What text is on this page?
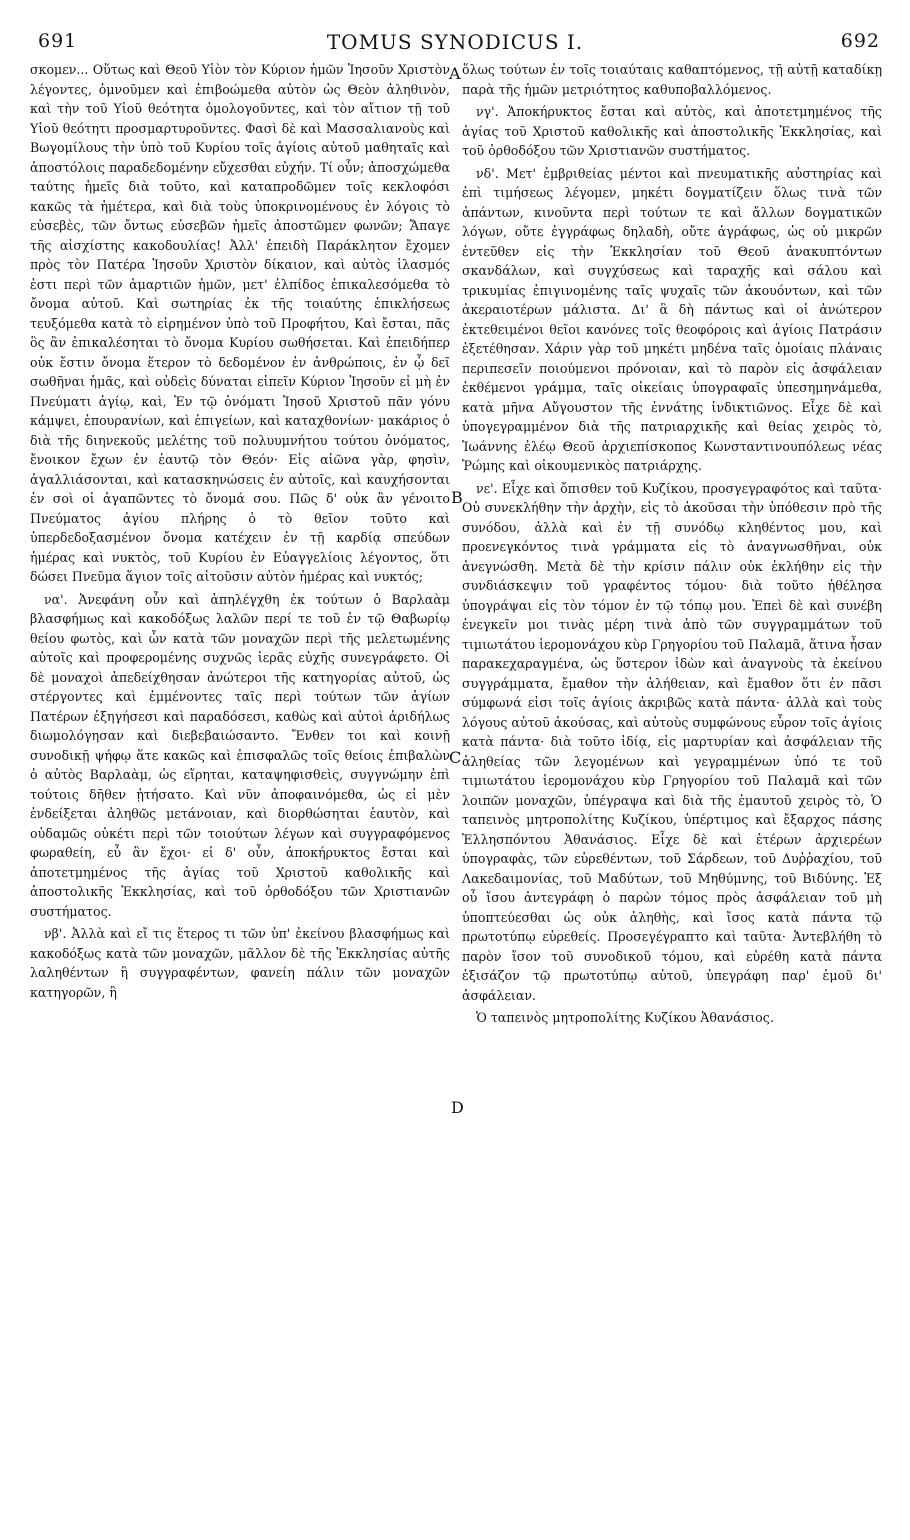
691	TOMUS SYNODICUS I.	692

σκομεν... Οὕτως καὶ Θεοῦ Υἱὸν τὸν Κύριον ἡμῶν Ἰησοῦν Χριστὸν λέγοντες, ὁμνοῦμεν καὶ ἐπιβοώμεθα αὐτὸν ὡς Θεὸν ἀληθινὸν, καὶ τὴν τοῦ Υἱοῦ θεότητα ὁμολογοῦντες, καὶ τὸν αἴτιον τῇ τοῦ Υἱοῦ θεότητι προσμαρτυροῦντες. Φασὶ δὲ καὶ Μασσαλιανοὺς καὶ Βωγομίλους τὴν ὑπὸ τοῦ Κυρίου τοῖς ἁγίοις αὐτοῦ μαθηταῖς καὶ ἀποστόλοις παραδεδομένην εὔχεσθαι εὐχήν. Τί οὖν; ἀποσχώμεθα ταύτης ἡμεῖς διὰ τοῦτο, καὶ καταπροδῶμεν τοῖς κεκλοφόσι κακῶς τὰ ἡμέτερα, καὶ διὰ τοὺς ὑποκρινομένους ἐν λόγοις τὸ εὐσεβὲς, τῶν ὄντως εὐσεβῶν ἡμεῖς ἀποστῶμεν φωνῶν; Ἄπαγε τῆς αἰσχίστης κακοδουλίας! Ἀλλ' ἐπειδὴ Παράκλητον ἔχομεν πρὸς τὸν Πατέρα Ἰησοῦν Χριστὸν δίκαιον, καὶ αὐτὸς ἱλασμός ἐστι περὶ τῶν ἁμαρτιῶν ἡμῶν, μετ' ἐλπίδος ἐπικαλεσόμεθα τὸ ὄνομα αὐτοῦ. Καὶ σωτηρίας ἐκ τῆς τοιαύτης ἐπικλήσεως τευξόμεθα κατὰ τὸ εἰρημένον ὑπὸ τοῦ Προφήτου, Καὶ ἔσται, πᾶς ὃς ἂν ἐπικαλέσηται τὸ ὄνομα Κυρίου σωθήσεται. Καὶ ἐπειδήπερ οὐκ ἔστιν ὄνομα ἕτερον τὸ δεδομένον ἐν ἀνθρώποις, ἐν ᾧ δεῖ σωθῆναι ἡμᾶς, καὶ οὐδεὶς δύναται εἰπεῖν Κύριον Ἰησοῦν εἰ μὴ ἐν Πνεύματι ἁγίῳ, καὶ, Ἐν τῷ ὀνόματι Ἰησοῦ Χριστοῦ πᾶν γόνυ κάμψει, ἐπουρανίων, καὶ ἐπιγείων, καὶ καταχθονίων· μακάριος ὁ διὰ τῆς διηνεκοῦς μελέτης τοῦ πολυυμνήτου τούτου ὀνόματος, ἔνοικον ἔχων ἐν ἑαυτῷ τὸν Θεόν· Εἰς αἰῶνα γὰρ, φησὶν, ἀγαλλιάσονται, καὶ κατασκηνώσεις ἐν αὐτοῖς, καὶ καυχήσονται ἐν σοὶ οἱ ἀγαπῶντες τὸ ὄνομά σου. Πῶς δ' οὐκ ἂν γένοιτο Πνεύματος ἁγίου πλήρης ὁ τὸ θεῖον τοῦτο καὶ ὑπερδεδοξασμένον ὄνομα κατέχειν ἐν τῇ καρδίᾳ σπεύδων ἡμέρας καὶ νυκτὸς, τοῦ Κυρίου ἐν Εὐαγγελίοις λέγοντος, ὅτι δώσει Πνεῦμα ἅγιον τοῖς αἰτοῦσιν αὐτὸν ἡμέρας καὶ νυκτός;

να'. Ἀνεφάνη οὖν καὶ ἀπηλέγχθη ἐκ τούτων ὁ Βαρλαὰμ βλασφήμως καὶ κακοδόξως λαλῶν περί τε τοῦ ἐν τῷ Θαβωρίῳ θείου φωτὸς, καὶ ὧν κατὰ τῶν μοναχῶν περὶ τῆς μελετωμένης αὐτοῖς καὶ προφερομένης συχνῶς ἱερᾶς εὐχῆς συνεγράφετο. Οἱ δὲ μοναχοὶ ἀπεδείχθησαν ἀνώτεροι τῆς κατηγορίας αὐτοῦ, ὡς στέργοντες καὶ ἐμμένοντες ταῖς περὶ τούτων τῶν ἁγίων Πατέρων ἐξηγήσεσι καὶ παραδόσεσι, καθὼς καὶ αὐτοὶ ἀριδήλως διωμολόγησαν καὶ διεβεβαιώσαντο. Ἔνθεν τοι καὶ κοινῇ συνοδικῇ ψήφῳ ἅτε κακῶς καὶ ἐπισφαλῶς τοῖς θείοις ἐπιβαλὼν ὁ αὐτὸς Βαρλαὰμ, ὡς εἴρηται, καταψηφισθεὶς, συγγνώμην ἐπὶ τούτοις δῆθεν ᾐτήσατο. Καὶ νῦν ἀποφαινόμεθα, ὡς εἰ μὲν ἐνδείξεται ἀληθῶς μετάνοιαν, καὶ διορθώσηται ἑαυτὸν, καὶ οὐδαμῶς οὐκέτι περὶ τῶν τοιούτων λέγων καὶ συγγραφόμενος φωραθείη, εὖ ἂν ἔχοι· εἰ δ' οὖν, ἀποκήρυκτος ἔσται καὶ ἀποτετμημένος τῆς ἁγίας τοῦ Χριστοῦ καθολικῆς καὶ ἀποστολικῆς Ἐκκλησίας, καὶ τοῦ ὀρθοδόξου τῶν Χριστιανῶν συστήματος.

νβ'. Ἀλλὰ καὶ εἴ τις ἕτερος τι τῶν ὑπ' ἐκείνου βλασφήμως καὶ κακοδόξως κατὰ τῶν μοναχῶν, μᾶλλον δὲ τῆς Ἐκκλησίας αὐτῆς λαληθέντων ἢ συγγραφέντων, φανείη πάλιν τῶν μοναχῶν κατηγορῶν, ἢ

A
B
C
D

ὅλως τούτων ἐν τοῖς τοιαύταις καθαπτόμενος, τῇ αὐτῇ καταδίκῃ παρὰ τῆς ἡμῶν μετριότητος καθυποβαλλόμενος.

νγ'. Ἀποκήρυκτος ἔσται καὶ αὐτὸς, καὶ ἀποτετμημένος τῆς ἁγίας τοῦ Χριστοῦ καθολικῆς καὶ ἀποστολικῆς Ἐκκλησίας, καὶ τοῦ ὀρθοδόξου τῶν Χριστιανῶν συστήματος.

νδ'. Μετ' ἐμβριθείας μέντοι καὶ πνευματικῆς αὐστηρίας καὶ ἐπὶ τιμήσεως λέγομεν, μηκέτι δογματίζειν ὅλως τινὰ τῶν ἁπάντων, κινοῦντα περὶ τούτων τε καὶ ἄλλων δογματικῶν λόγων, οὔτε ἐγγράφως δηλαδὴ, οὔτε ἀγράφως, ὡς οὐ μικρῶν ἐντεῦθεν εἰς τὴν Ἐκκλησίαν τοῦ Θεοῦ ἀνακυπτόντων σκανδάλων, καὶ συγχύσεως καὶ ταραχῆς καὶ σάλου καὶ τρικυμίας ἐπιγινομένης ταῖς ψυχαῖς τῶν ἀκουόντων, καὶ τῶν ἀκεραιοτέρων μάλιστα. Δι' ἃ δὴ πάντως καὶ οἱ ἀνώτερον ἐκτεθειμένοι θεῖοι κανόνες τοῖς θεοφόροις καὶ ἁγίοις Πατράσιν ἐξετέθησαν. Χάριν γὰρ τοῦ μηκέτι μηδένα ταῖς ὁμοίαις πλάναις περιπεσεῖν ποιούμενοι πρόνοιαν, καὶ τὸ παρὸν εἰς ἀσφάλειαν ἐκθέμενοι γράμμα, ταῖς οἰκείαις ὑπογραφαῖς ὑπεσημηνάμεθα, κατὰ μῆνα Αὔγουστον τῆς ἐννάτης ἰνδικτιῶνος. Εἶχε δὲ καὶ ὑπογεγραμμένον διὰ τῆς πατριαρχικῆς καὶ θείας χειρὸς τὸ, Ἰωάννης ἐλέῳ Θεοῦ ἀρχιεπίσκοπος Κωνσταντινουπόλεως νέας Ῥώμης καὶ οἰκουμενικὸς πατριάρχης.

νε'. Εἶχε καὶ ὄπισθεν τοῦ Κυζίκου, προσγεγραφότος καὶ ταῦτα· Οὐ συνεκλήθην τὴν ἀρχὴν, εἰς τὸ ἀκοῦσαι τὴν ὑπόθεσιν πρὸ τῆς συνόδου, ἀλλὰ καὶ ἐν τῇ συνόδῳ κληθέντος μου, καὶ προενεγκόντος τινὰ γράμματα εἰς τὸ ἀναγνωσθῆναι, οὐκ ἀνεγνώσθη. Μετὰ δὲ τὴν κρίσιν πάλιν οὐκ ἐκλήθην εἰς τὴν συνδιάσκεψιν τοῦ γραφέντος τόμου· διὰ τοῦτο ἠθέλησα ὑπογράψαι εἰς τὸν τόμον ἐν τῷ τόπῳ μου. Ἐπεὶ δὲ καὶ συνέβη ἐνεγκεῖν μοι τινὰς μέρη τινὰ ἀπὸ τῶν συγγραμμάτων τοῦ τιμιωτάτου ἱερομονάχου κὺρ Γρηγορίου τοῦ Παλαμᾶ, ἅτινα ἦσαν παρακεχαραγμένα, ὡς ὕστερον ἰδὼν καὶ ἀναγνοὺς τὰ ἐκείνου συγγράμματα, ἔμαθον τὴν ἀλήθειαν, καὶ ἔμαθον ὅτι ἐν πᾶσι σύμφωνά εἰσι τοῖς ἁγίοις ἀκριβῶς κατὰ πάντα· ἀλλὰ καὶ τοὺς λόγους αὐτοῦ ἀκούσας, καὶ αὐτοὺς συμφώνους εὗρον τοῖς ἁγίοις κατὰ πάντα· διὰ τοῦτο ἰδίᾳ, εἰς μαρτυρίαν καὶ ἀσφάλειαν τῆς ἀληθείας τῶν λεγομένων καὶ γεγραμμένων ὑπό τε τοῦ τιμιωτάτου ἱερομονάχου κὺρ Γρηγορίου τοῦ Παλαμᾶ καὶ τῶν λοιπῶν μοναχῶν, ὑπέγραψα καὶ διὰ τῆς ἐμαυτοῦ χειρὸς τὸ, Ὁ ταπεινὸς μητροπολίτης Κυζίκου, ὑπέρτιμος καὶ ἔξαρχος πάσης Ἑλλησπόντου Ἀθανάσιος. Εἶχε δὲ καὶ ἑτέρων ἀρχιερέων ὑπογραφὰς, τῶν εὑρεθέντων, τοῦ Σάρδεων, τοῦ Δυῤῥαχίου, τοῦ Λακεδαιμονίας, τοῦ Μαδύτων, τοῦ Μηθύμνης, τοῦ Βιδύνης. Ἐξ οὗ ἴσου ἀντεγράφη ὁ παρὼν τόμος πρὸς ἀσφάλειαν τοῦ μὴ ὑποπτεύεσθαι ὡς οὐκ ἀληθὴς, καὶ ἴσος κατὰ πάντα τῷ πρωτοτύπῳ εὑρεθείς. Προσεγέγραπτο καὶ ταῦτα· Ἀντεβλήθη τὸ παρὸν ἴσον τοῦ συνοδικοῦ τόμου, καὶ εὑρέθη κατὰ πάντα ἐξισάζον τῷ πρωτοτύπῳ αὐτοῦ, ὑπεγράφη παρ' ἐμοῦ δι' ἀσφάλειαν.

Ὁ ταπεινὸς μητροπολίτης Κυζίκου Ἀθανάσιος.
